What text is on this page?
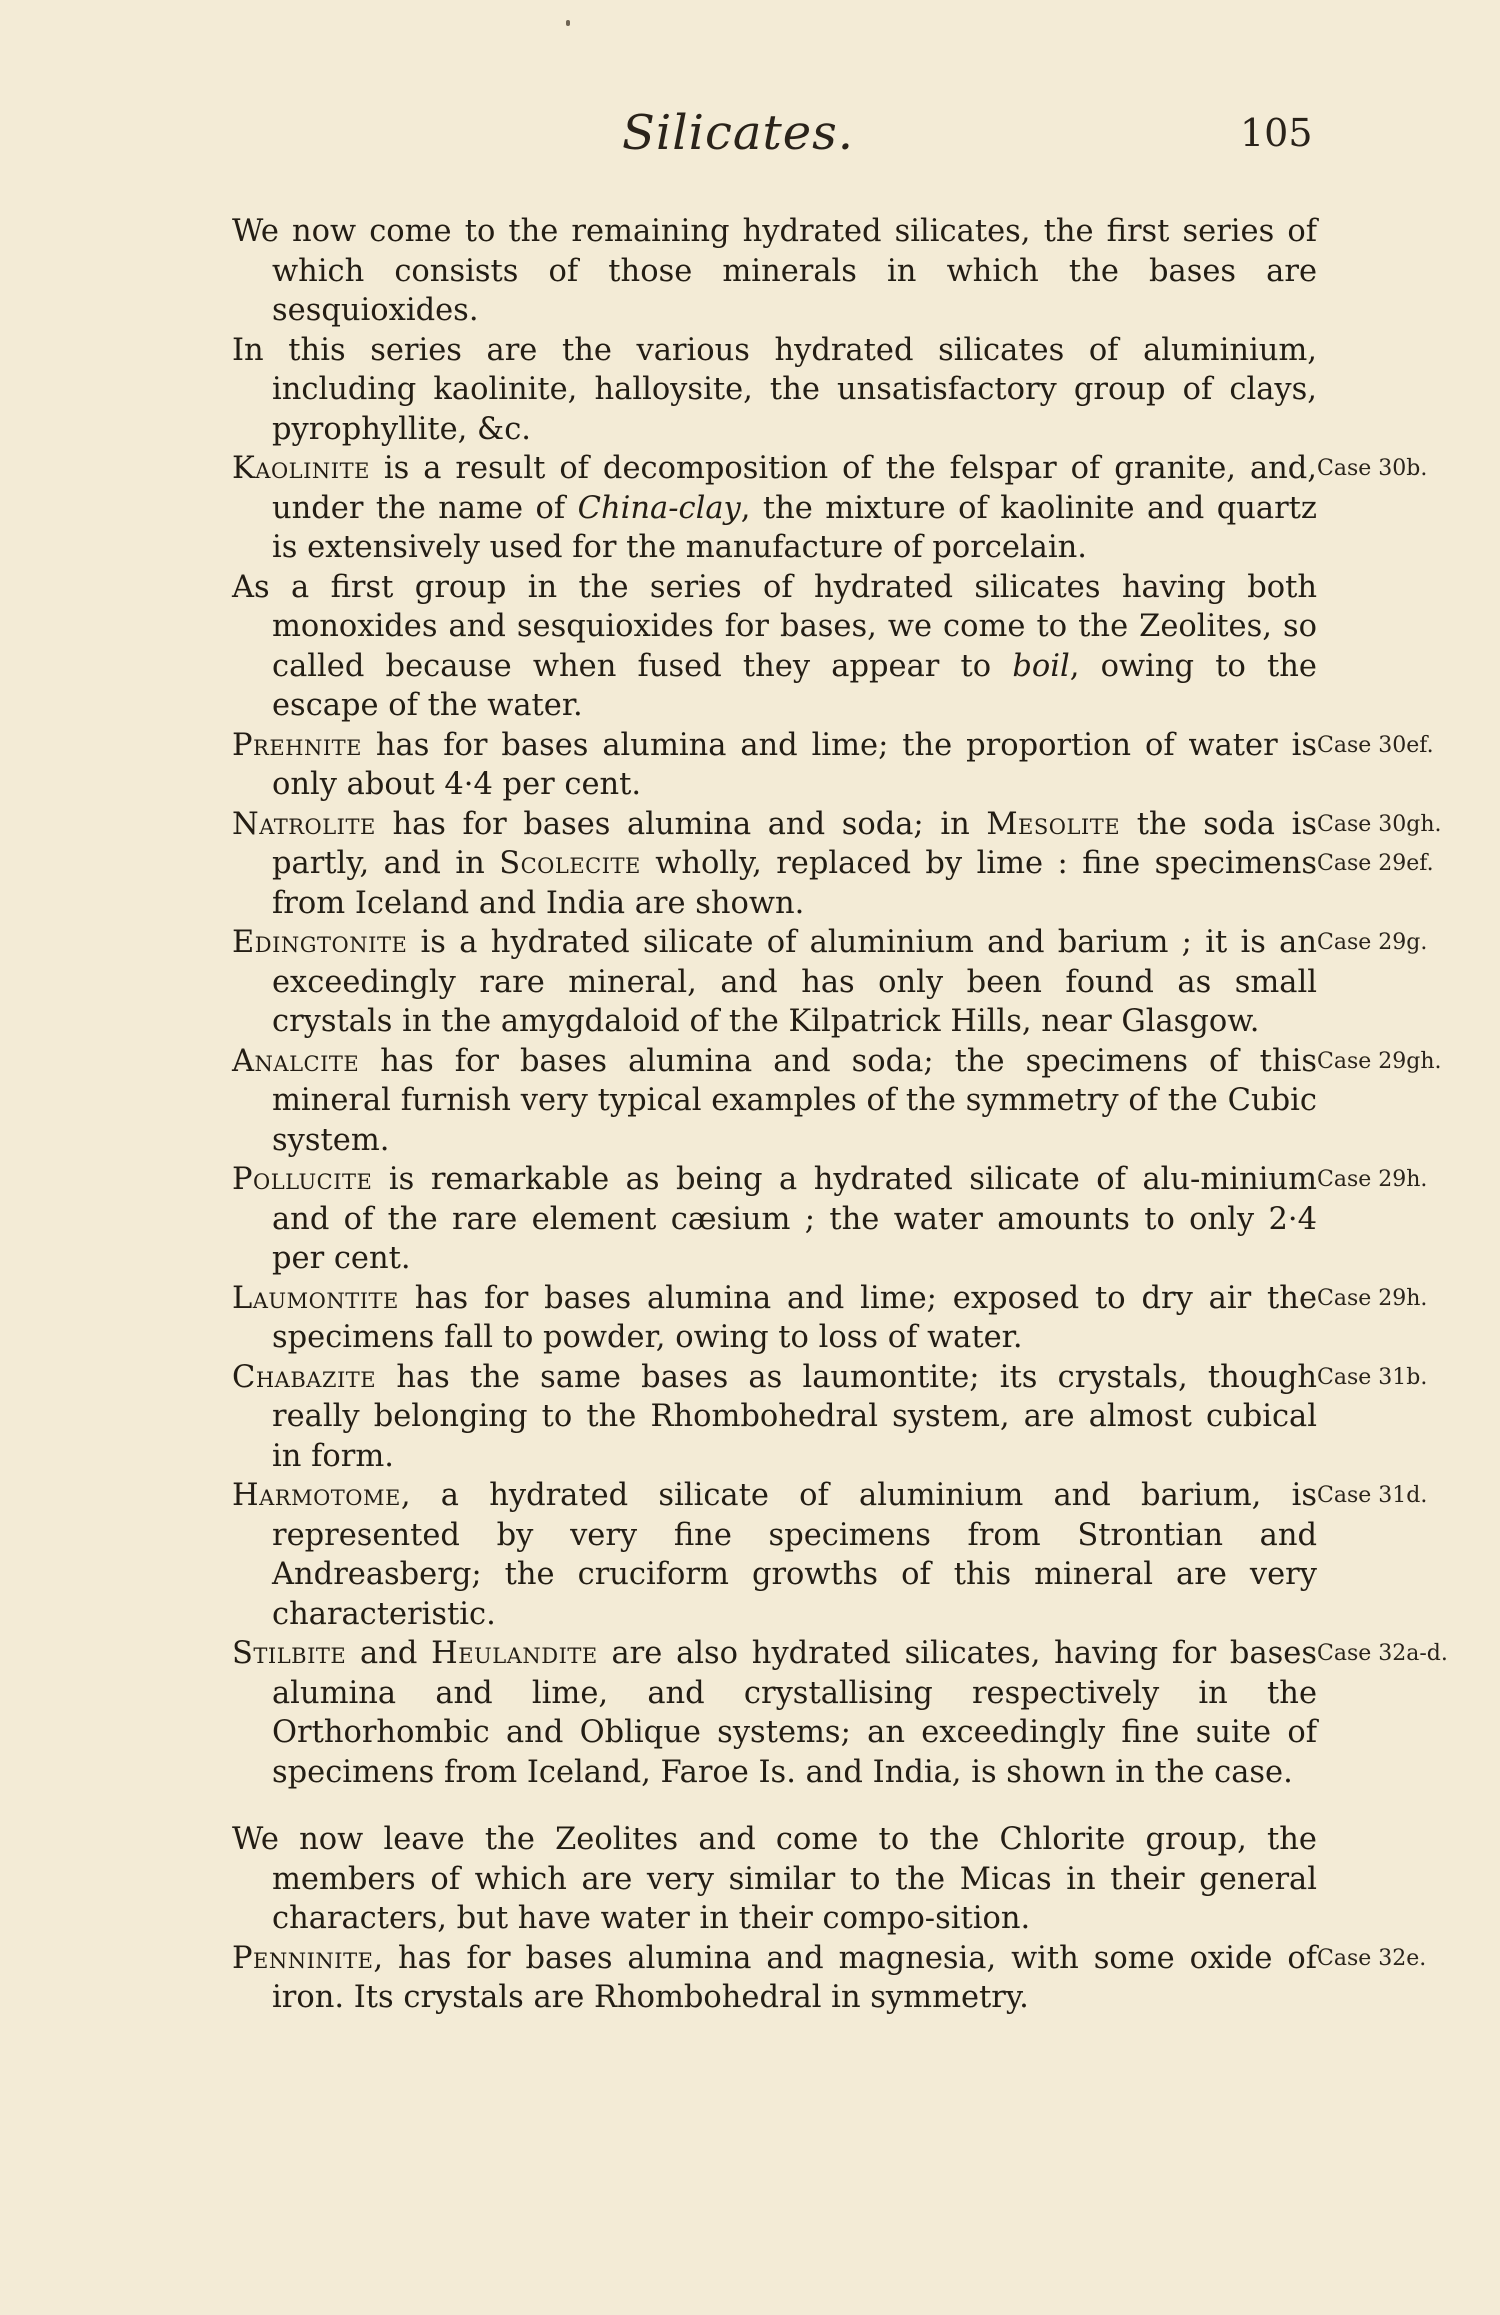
Silicates.	105

We now come to the remaining hydrated silicates, the first series of which consists of those minerals in which the bases are sesquioxides.

In this series are the various hydrated silicates of aluminium, including kaolinite, halloysite, the unsatisfactory group of clays, pyrophyllite, &c.

Kaolinite is a result of decomposition of the felspar of granite, and, under the name of China-clay, the mixture of kaolinite and quartz is extensively used for the manufacture of porcelain.
Case 30b.

As a first group in the series of hydrated silicates having both monoxides and sesquioxides for bases, we come to the Zeolites, so called because when fused they appear to boil, owing to the escape of the water.

Prehnite has for bases alumina and lime; the proportion of water is only about 4·4 per cent.
Case 30ef.

Natrolite has for bases alumina and soda; in Mesolite the soda is partly, and in Scolecite wholly, replaced by lime : fine specimens from Iceland and India are shown.
Case 30gh.
Case 29ef.

Edingtonite is a hydrated silicate of aluminium and barium ; it is an exceedingly rare mineral, and has only been found as small crystals in the amygdaloid of the Kilpatrick Hills, near Glasgow.
Case 29g.

Analcite has for bases alumina and soda; the specimens of this mineral furnish very typical examples of the symmetry of the Cubic system.
Case 29gh.

Pollucite is remarkable as being a hydrated silicate of alu-minium and of the rare element cæsium ; the water amounts to only 2·4 per cent.
Case 29h.

Laumontite has for bases alumina and lime; exposed to dry air the specimens fall to powder, owing to loss of water.
Case 29h.

Chabazite has the same bases as laumontite; its crystals, though really belonging to the Rhombohedral system, are almost cubical in form.
Case 31b.

Harmotome, a hydrated silicate of aluminium and barium, is represented by very fine specimens from Strontian and Andreasberg; the cruciform growths of this mineral are very characteristic.
Case 31d.

Stilbite and Heulandite are also hydrated silicates, having for bases alumina and lime, and crystallising respectively in the Orthorhombic and Oblique systems; an exceedingly fine suite of specimens from Iceland, Faroe Is. and India, is shown in the case.
Case 32a-d.

We now leave the Zeolites and come to the Chlorite group, the members of which are very similar to the Micas in their general characters, but have water in their compo-sition.

Penninite, has for bases alumina and magnesia, with some oxide of iron. Its crystals are Rhombohedral in symmetry.
Case 32e.
